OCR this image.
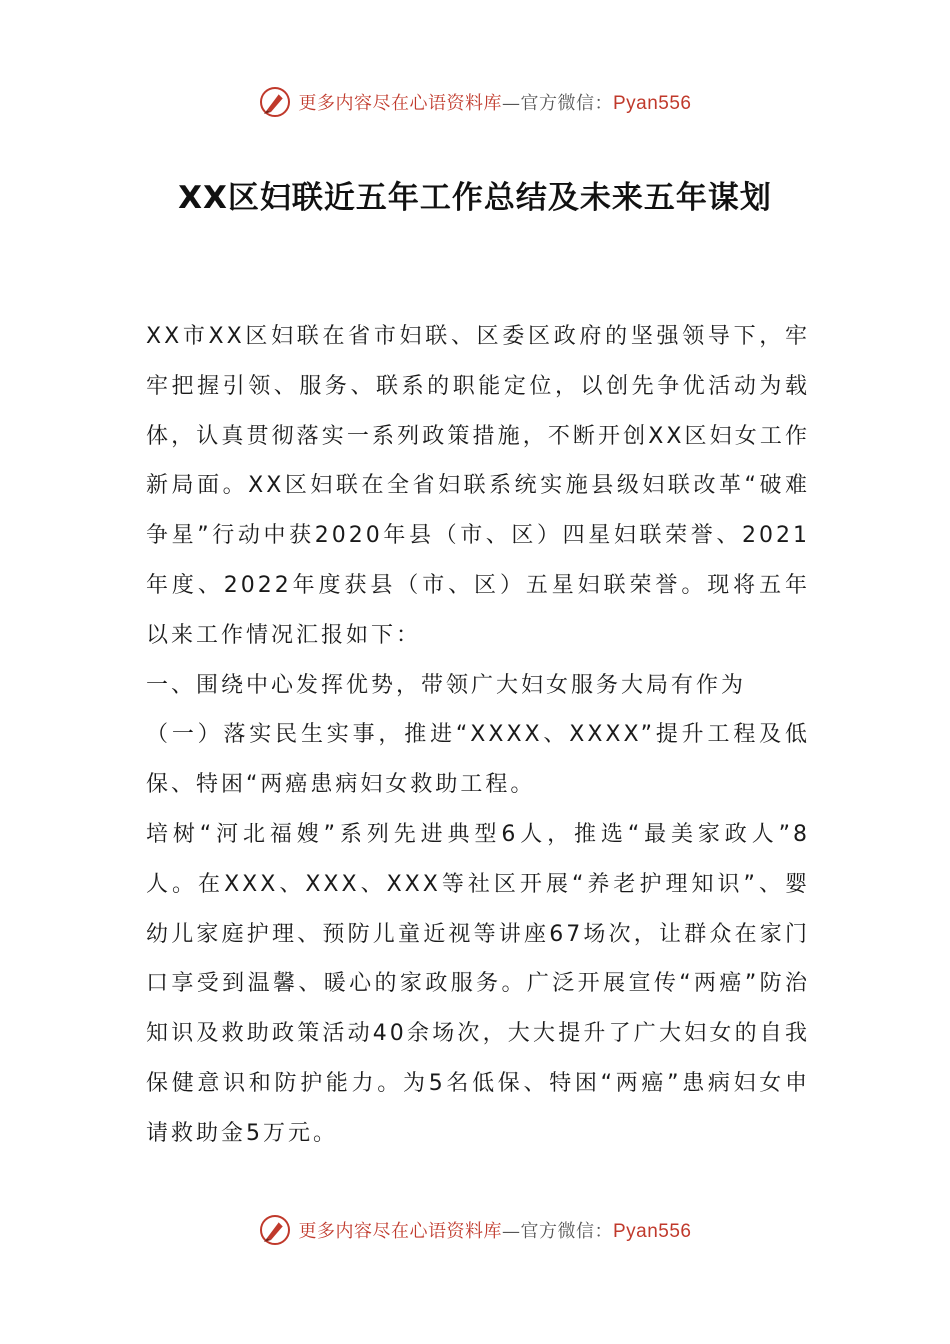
更多内容尽在心语资料库—官方微信：Pyan556
XX区妇联近五年工作总结及未来五年谋划

XX市XX区妇联在省市妇联、区委区政府的坚强领导下，牢牢把握引领、服务、联系的职能定位，以创先争优活动为载体，认真贯彻落实一系列政策措施，不断开创XX区妇女工作新局面。XX区妇联在全省妇联系统实施县级妇联改革“破难争星”行动中获2020年县（市、区）四星妇联荣誉、2021年度、2022年度获县（市、区）五星妇联荣誉。现将五年以来工作情况汇报如下：

一、围绕中心发挥优势，带领广大妇女服务大局有作为

（一）落实民生实事，推进“XXXX、XXXX”提升工程及低保、特困“两癌患病妇女救助工程。

培树“河北福嫂”系列先进典型6人，推选“最美家政人”8人。在XXX、XXX、XXX等社区开展“养老护理知识”、婴幼儿家庭护理、预防儿童近视等讲座67场次，让群众在家门口享受到温馨、暖心的家政服务。广泛开展宣传“两癌”防治知识及救助政策活动40余场次，大大提升了广大妇女的自我保健意识和防护能力。为5名低保、特困“两癌”患病妇女申请救助金5万元。

更多内容尽在心语资料库—官方微信：Pyan556
